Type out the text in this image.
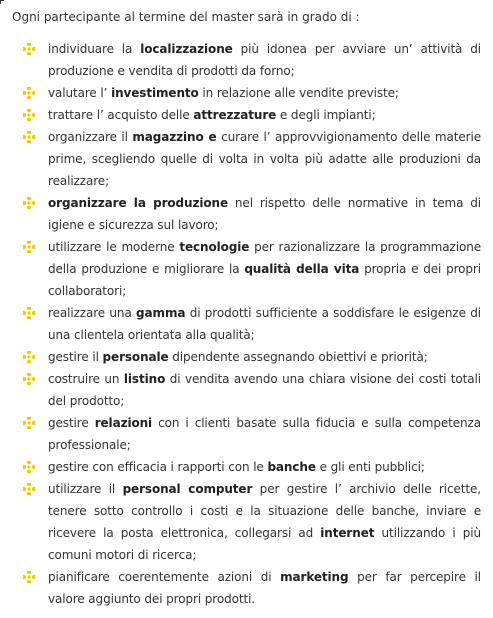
Ogni partecipante al termine del master sarà in grado di :
individuare la localizzazione più idonea per avviare un’ attività di produzione e vendita di prodotti da forno;
valutare l’ investimento in relazione alle vendite previste;
trattare l’ acquisto delle attrezzature e degli impianti;
organizzare il magazzino e curare l’ approvvigionamento delle materie prime, scegliendo quelle di volta in volta più adatte alle produzioni da realizzare;
organizzare la produzione nel rispetto delle normative in tema di igiene e sicurezza sul lavoro;
utilizzare le moderne tecnologie per razionalizzare la programmazione della produzione e migliorare la qualità della vita propria e dei propri collaboratori;
realizzare una gamma di prodotti sufficiente a soddisfare le esigenze di una clientela orientata alla qualità;
gestire il personale dipendente assegnando obiettivi e priorità;
costruire un listino di vendita avendo una chiara visione dei costi totali del prodotto;
gestire relazioni con i clienti basate sulla fiducia e sulla competenza professionale;
gestire con efficacia i rapporti con le banche e gli enti pubblici;
utilizzare il personal computer per gestire l’ archivio delle ricette, tenere sotto controllo i costi e la situazione delle banche, inviare e ricevere la posta elettronica, collegarsi ad internet utilizzando i più comuni motori di ricerca;
pianificare coerentemente azioni di marketing per far percepire il valore aggiunto dei propri prodotti.
